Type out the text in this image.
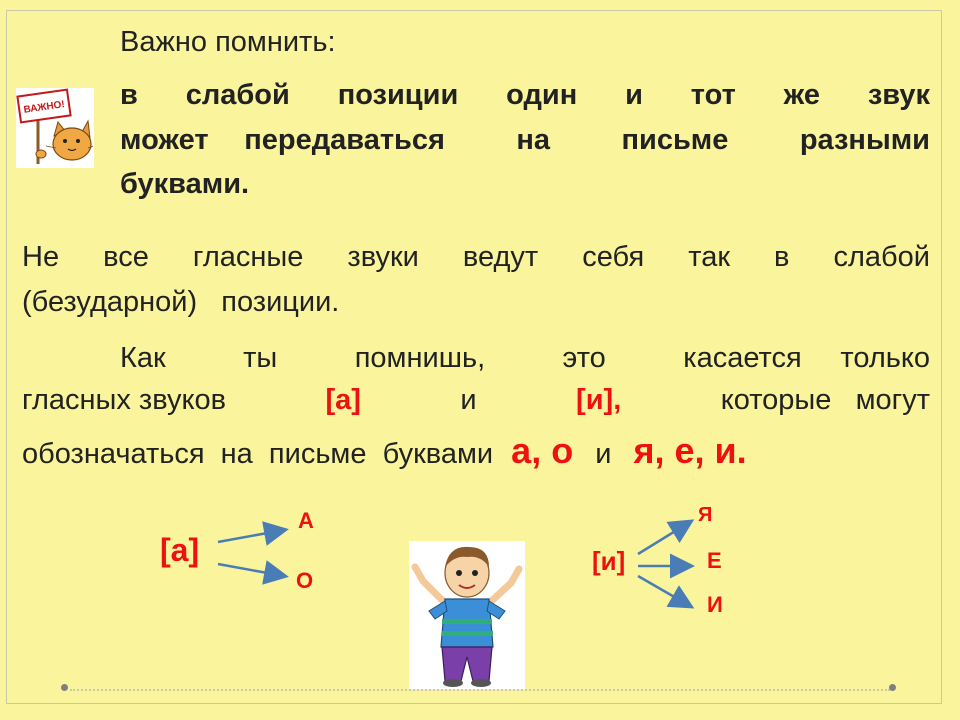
ВАЖНО!
Важно помнить:
в  слабой  позиции  один  и  тот  же  звук
может передаваться  на  письме  разными
буквами.
Не  все  гласные  звуки  ведут  себя  так  в  слабой
(безударной)   позиции.
Как  ты  помнишь,  это  касается только
гласных звуков	[а]	и	[и],	которые   могут
обозначаться  на  письме  буквами а, о и я, е, и.
[а]
А
О
[и]
Я
Е
И
